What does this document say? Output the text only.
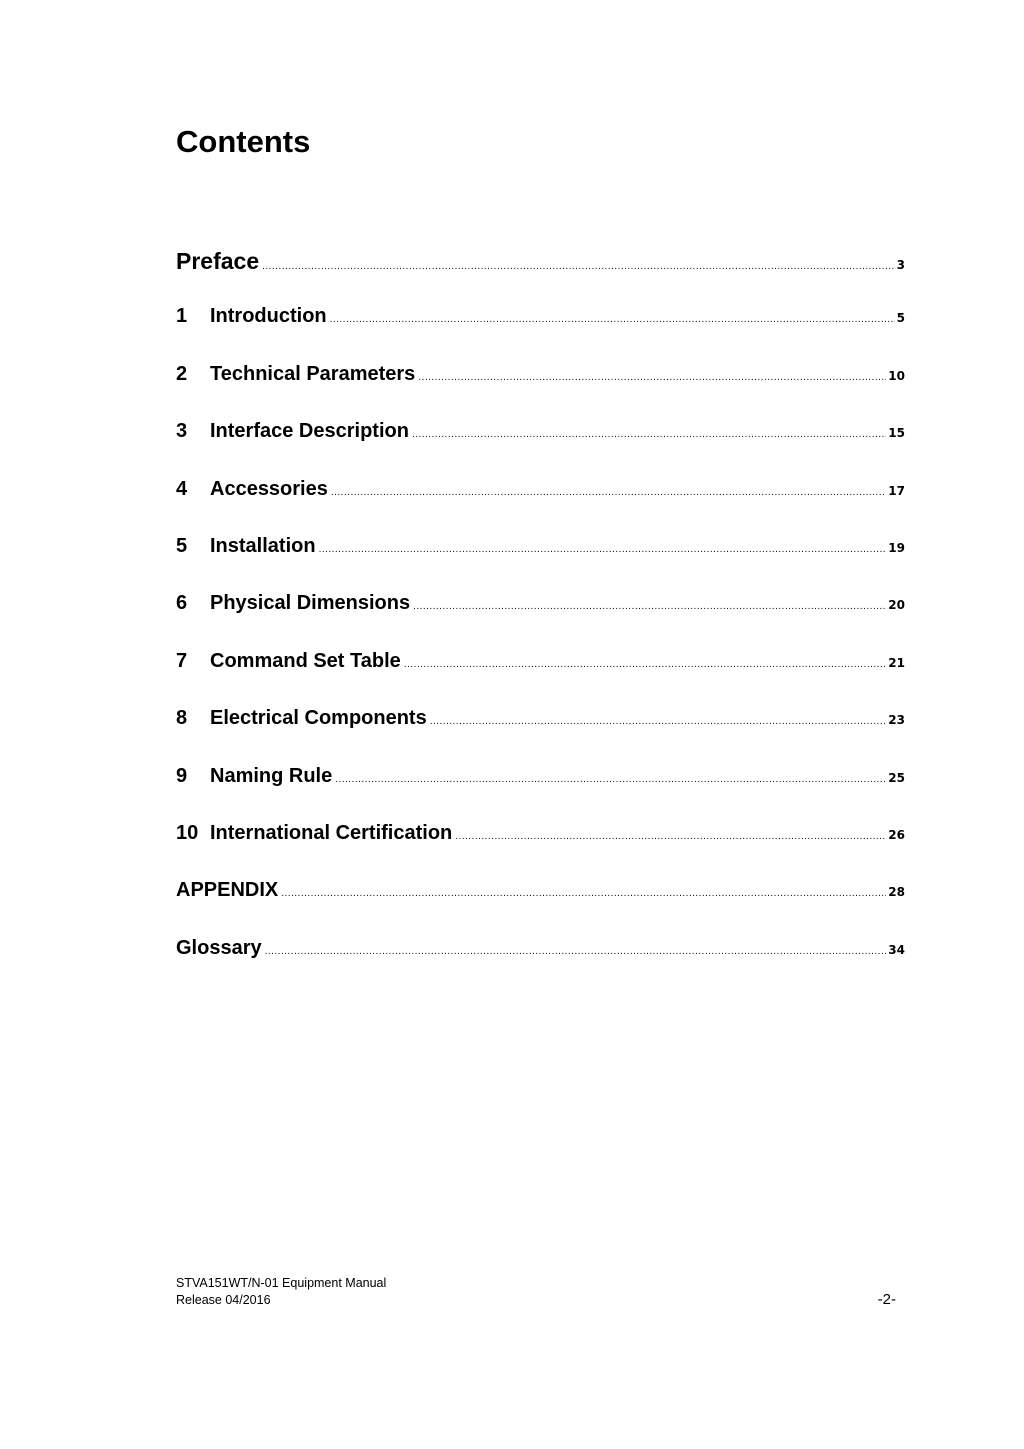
Contents
Preface .....	3
1	Introduction .....	5
2	Technical Parameters .....	10
3	Interface Description .....	15
4	Accessories .....	17
5	Installation .....	19
6	Physical Dimensions .....	20
7	Command Set Table .....	21
8	Electrical Components .....	23
9	Naming Rule .....	25
10 International Certification .....	26
APPENDIX .....	28
Glossary .....	34
STVA151WT/N-01 Equipment Manual
Release 04/2016	-2-
